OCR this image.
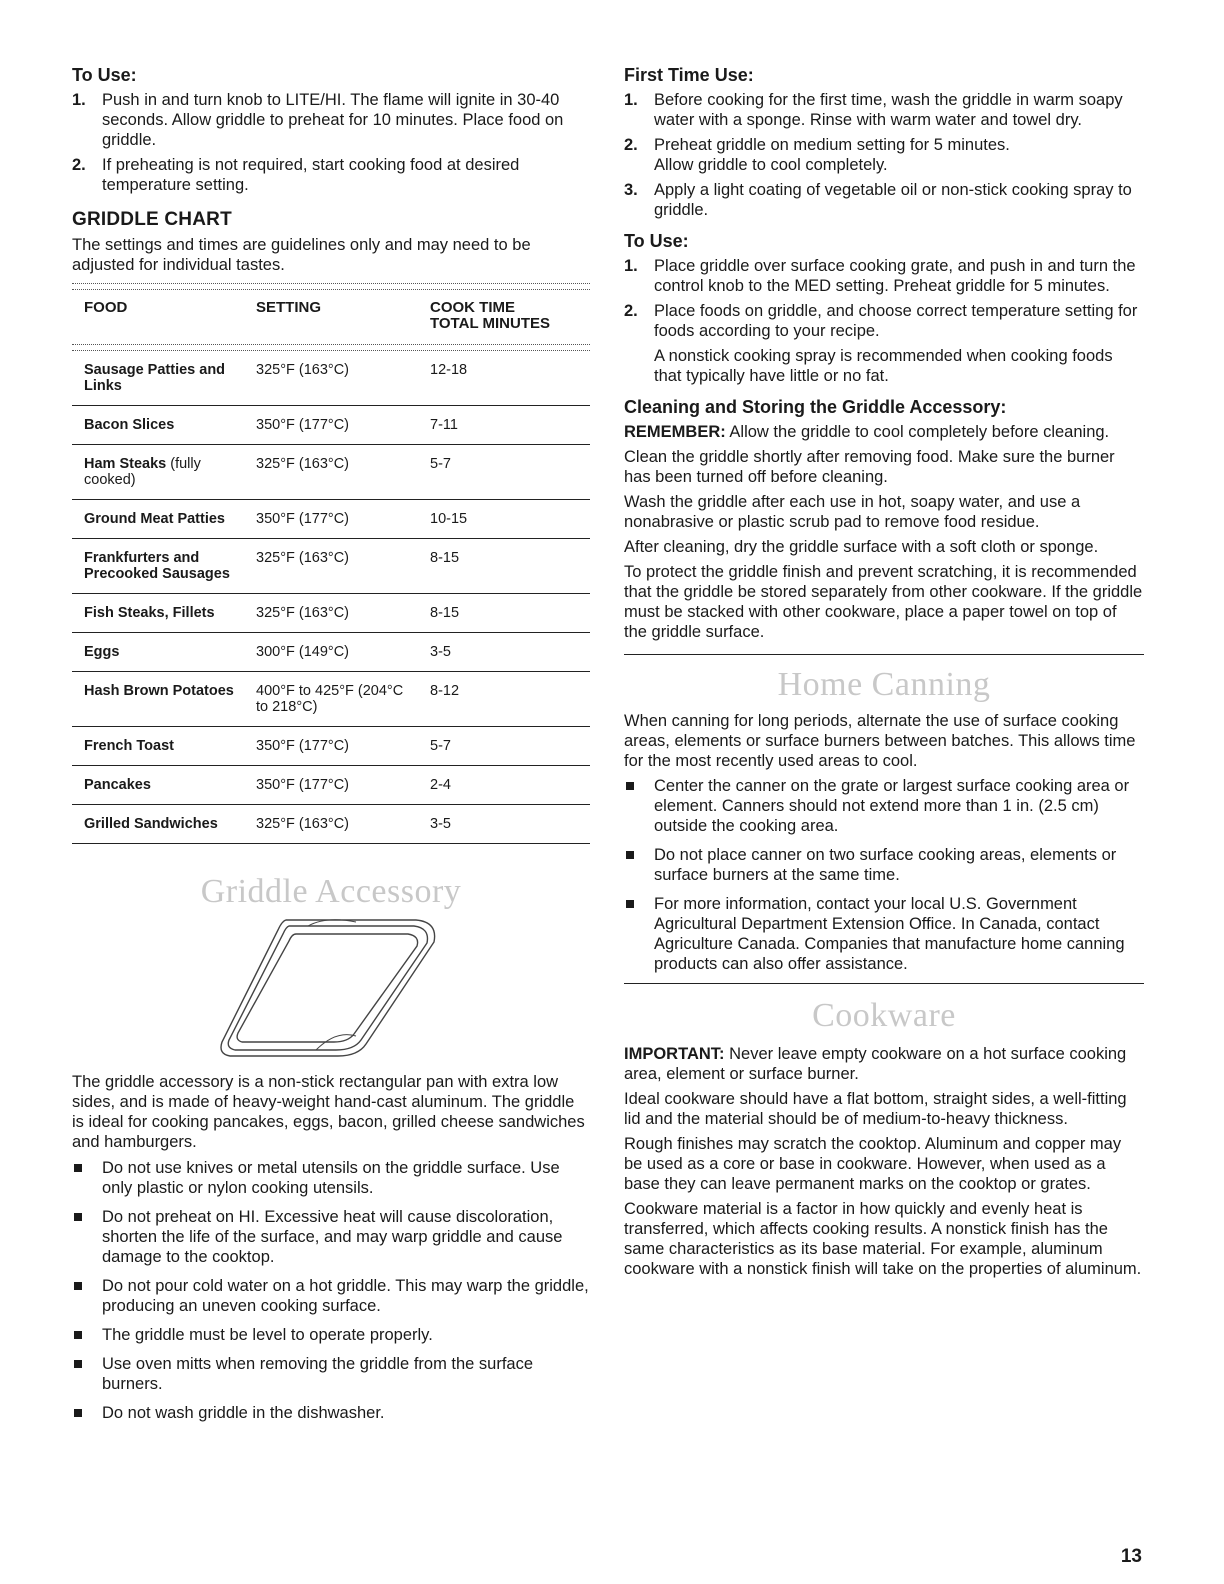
To Use:
1. Push in and turn knob to LITE/HI. The flame will ignite in 30-40 seconds. Allow griddle to preheat for 10 minutes. Place food on griddle.
2. If preheating is not required, start cooking food at desired temperature setting.
GRIDDLE CHART

The settings and times are guidelines only and may need to be adjusted for individual tastes.

FOOD	SETTING	COOK TIME
TOTAL MINUTES
Sausage Patties and Links	325°F (163°C)	12-18
Bacon Slices	350°F (177°C)	7-11
Ham Steaks (fully cooked)	325°F (163°C)	5-7
Ground Meat Patties	350°F (177°C)	10-15
Frankfurters and Precooked Sausages	325°F (163°C)	8-15
Fish Steaks, Fillets	325°F (163°C)	8-15
Eggs	300°F (149°C)	3-5
Hash Brown Potatoes	400°F to 425°F (204°C to 218°C)	8-12
French Toast	350°F (177°C)	5-7
Pancakes	350°F (177°C)	2-4
Grilled Sandwiches	325°F (163°C)	3-5
Griddle Accessory

The griddle accessory is a non-stick rectangular pan with extra low sides, and is made of heavy-weight hand-cast aluminum. The griddle is ideal for cooking pancakes, eggs, bacon, grilled cheese sandwiches and hamburgers.

Do not use knives or metal utensils on the griddle surface. Use only plastic or nylon cooking utensils.
Do not preheat on HI. Excessive heat will cause discoloration, shorten the life of the surface, and may warp griddle and cause damage to the cooktop.
Do not pour cold water on a hot griddle. This may warp the griddle, producing an uneven cooking surface.
The griddle must be level to operate properly.
Use oven mitts when removing the griddle from the surface burners.
Do not wash griddle in the dishwasher.
First Time Use:
1. Before cooking for the first time, wash the griddle in warm soapy water with a sponge. Rinse with warm water and towel dry.
2. Preheat griddle on medium setting for 5 minutes.
Allow griddle to cool completely.
3. Apply a light coating of vegetable oil or non-stick cooking spray to griddle.
To Use:
1. Place griddle over surface cooking grate, and push in and turn the control knob to the MED setting. Preheat griddle for 5 minutes.
2. Place foods on griddle, and choose correct temperature setting for foods according to your recipe.
A nonstick cooking spray is recommended when cooking foods that typically have little or no fat.
Cleaning and Storing the Griddle Accessory:

REMEMBER: Allow the griddle to cool completely before cleaning.

Clean the griddle shortly after removing food. Make sure the burner has been turned off before cleaning.

Wash the griddle after each use in hot, soapy water, and use a nonabrasive or plastic scrub pad to remove food residue.

After cleaning, dry the griddle surface with a soft cloth or sponge.

To protect the griddle finish and prevent scratching, it is recommended that the griddle be stored separately from other cookware. If the griddle must be stacked with other cookware, place a paper towel on top of the griddle surface.

Home Canning

When canning for long periods, alternate the use of surface cooking areas, elements or surface burners between batches. This allows time for the most recently used areas to cool.

Center the canner on the grate or largest surface cooking area or element. Canners should not extend more than 1 in. (2.5 cm) outside the cooking area.
Do not place canner on two surface cooking areas, elements or surface burners at the same time.
For more information, contact your local U.S. Government Agricultural Department Extension Office. In Canada, contact Agriculture Canada. Companies that manufacture home canning products can also offer assistance.
Cookware

IMPORTANT: Never leave empty cookware on a hot surface cooking area, element or surface burner.

Ideal cookware should have a flat bottom, straight sides, a well-fitting lid and the material should be of medium-to-heavy thickness.

Rough finishes may scratch the cooktop. Aluminum and copper may be used as a core or base in cookware. However, when used as a base they can leave permanent marks on the cooktop or grates.

Cookware material is a factor in how quickly and evenly heat is transferred, which affects cooking results. A nonstick finish has the same characteristics as its base material. For example, aluminum cookware with a nonstick finish will take on the properties of aluminum.

13
